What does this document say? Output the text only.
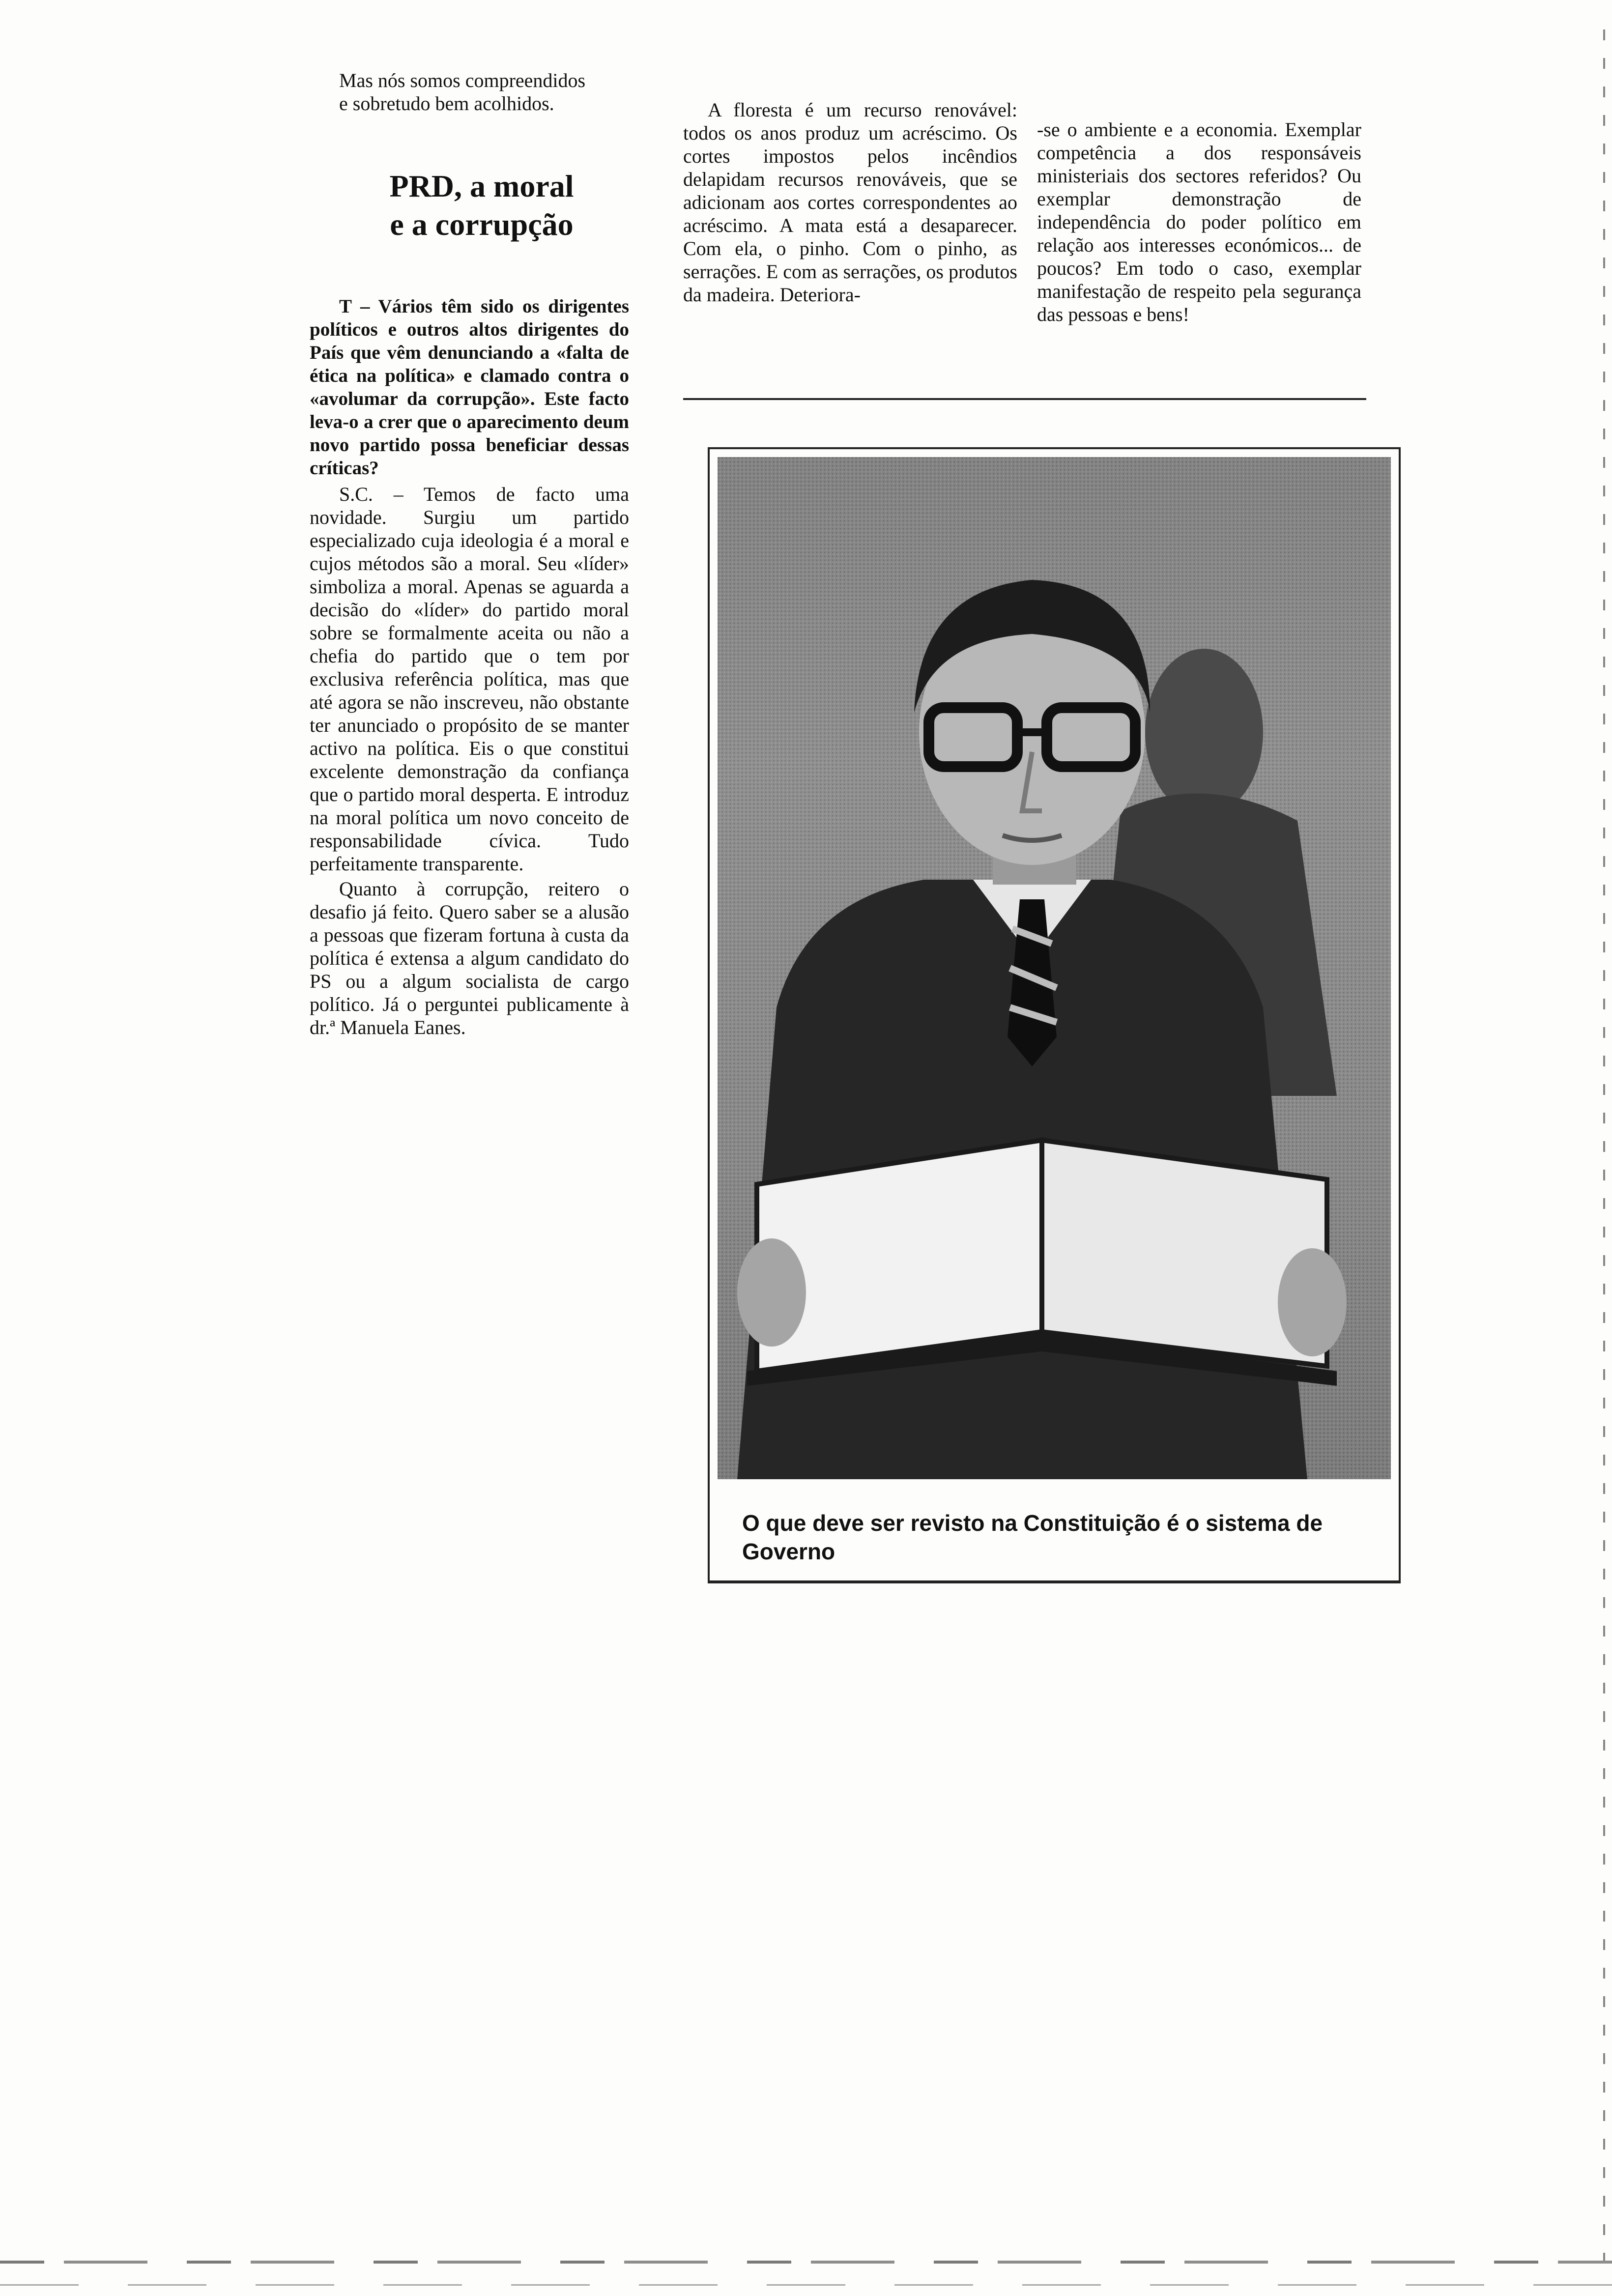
Mas nós somos compreendidos

e sobretudo bem acolhidos.

PRD, a moral
e a corrupção

T – Vários têm sido os dirigentes políticos e outros altos dirigentes do País que vêm denunciando a «falta de ética na política» e clamado contra o «avolumar da corrupção». Este facto leva-o a crer que o aparecimento deum novo partido possa beneficiar dessas críticas?

S.C. – Temos de facto uma novidade. Surgiu um partido especializado cuja ideologia é a moral e cujos métodos são a moral. Seu «líder» simboliza a moral. Apenas se aguarda a decisão do «líder» do partido moral sobre se formalmente aceita ou não a chefia do partido que o tem por exclusiva referência política, mas que até agora se não inscreveu, não obstante ter anunciado o propósito de se manter activo na política. Eis o que constitui excelente demonstração da confiança que o partido moral desperta. E introduz na moral política um novo conceito de responsabilidade cívica. Tudo perfeitamente transparente.

Quanto à corrupção, reitero o desafio já feito. Quero saber se a alusão a pessoas que fizeram fortuna à custa da política é extensa a algum candidato do PS ou a algum socialista de cargo político. Já o perguntei publicamente à dr.ª Manuela Eanes.

A floresta é um recurso renovável: todos os anos produz um acréscimo. Os cortes impostos pelos incêndios delapidam recursos renováveis, que se adicionam aos cortes correspondentes ao acréscimo. A mata está a desaparecer. Com ela, o pinho. Com o pinho, as serrações. E com as serrações, os produtos da madeira. Deteriora-

-se o ambiente e a economia. Exemplar competência a dos responsáveis ministeriais dos sectores referidos? Ou exemplar demonstração de independência do poder político em relação aos interesses económicos... de poucos? Em todo o caso, exemplar manifestação de respeito pela segurança das pessoas e bens!

O que deve ser revisto na Constituição é o sistema de Governo
